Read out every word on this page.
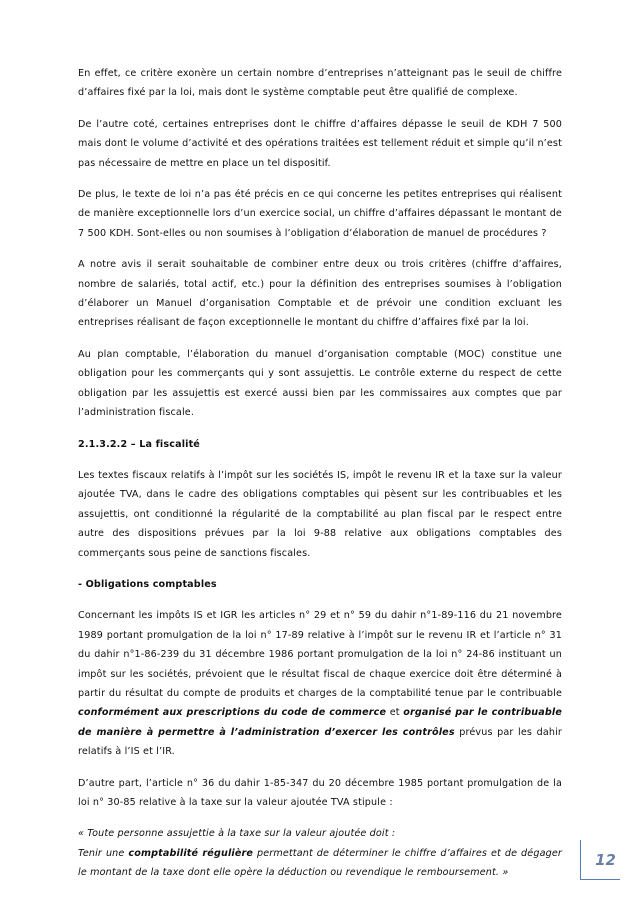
En effet, ce critère exonère un certain nombre d’entreprises n’atteignant pas le seuil de chiffre d’affaires fixé par la loi, mais dont le système comptable peut être qualifié de complexe.

De l’autre coté, certaines entreprises dont le chiffre d’affaires dépasse le seuil de KDH 7 500 mais dont le volume d’activité et des opérations traitées est tellement réduit et simple qu’il n’est pas nécessaire de mettre en place un tel dispositif.

De plus, le texte de loi n’a pas été précis en ce qui concerne les petites entreprises qui réalisent de manière exceptionnelle lors d’un exercice social, un chiffre d’affaires dépassant le montant de 7 500 KDH. Sont-elles ou non soumises à l’obligation d’élaboration de manuel de procédures ?

A notre avis il serait souhaitable de combiner entre deux ou trois critères (chiffre d’affaires, nombre de salariés, total actif, etc.) pour la définition des entreprises soumises à l’obligation d’élaborer un Manuel d’organisation Comptable et de prévoir une condition excluant les entreprises réalisant de façon exceptionnelle le montant du chiffre d’affaires fixé par la loi.

Au plan comptable, l’élaboration du manuel d’organisation comptable (MOC) constitue une obligation pour les commerçants qui y sont assujettis. Le contrôle externe du respect de cette obligation par les assujettis est exercé aussi bien par les commissaires aux comptes que par l’administration fiscale.

2.1.3.2.2 – La fiscalité

Les textes fiscaux relatifs à l’impôt sur les sociétés IS, impôt le revenu IR et la taxe sur la valeur ajoutée TVA, dans le cadre des obligations comptables qui pèsent sur les contribuables et les assujettis, ont conditionné la régularité de la comptabilité au plan fiscal par le respect entre autre des dispositions prévues par la loi 9-88 relative aux obligations comptables des commerçants sous peine de sanctions fiscales.

- Obligations comptables

Concernant les impôts IS et IGR les articles n° 29 et n° 59 du dahir n°1-89-116 du 21 novembre 1989 portant promulgation de la loi n° 17-89 relative à l’impôt sur le revenu IR et l’article n° 31 du dahir n°1-86-239 du 31 décembre 1986 portant promulgation de la loi n° 24-86 instituant un impôt sur les sociétés, prévoient que le résultat fiscal de chaque exercice doit être déterminé à partir du résultat du compte de produits et charges de la comptabilité tenue par le contribuable conformément aux prescriptions du code de commerce et organisé par le contribuable de manière à permettre à l’administration d’exercer les contrôles prévus par les dahir relatifs à l’IS et l’IR.

D’autre part, l’article n° 36 du dahir 1-85-347 du 20 décembre 1985 portant promulgation de la loi n° 30-85 relative à la taxe sur la valeur ajoutée TVA stipule :

« Toute personne assujettie à la taxe sur la valeur ajoutée doit :
Tenir une comptabilité régulière permettant de déterminer le chiffre d’affaires et de dégager le montant de la taxe dont elle opère la déduction ou revendique le remboursement. »

12
